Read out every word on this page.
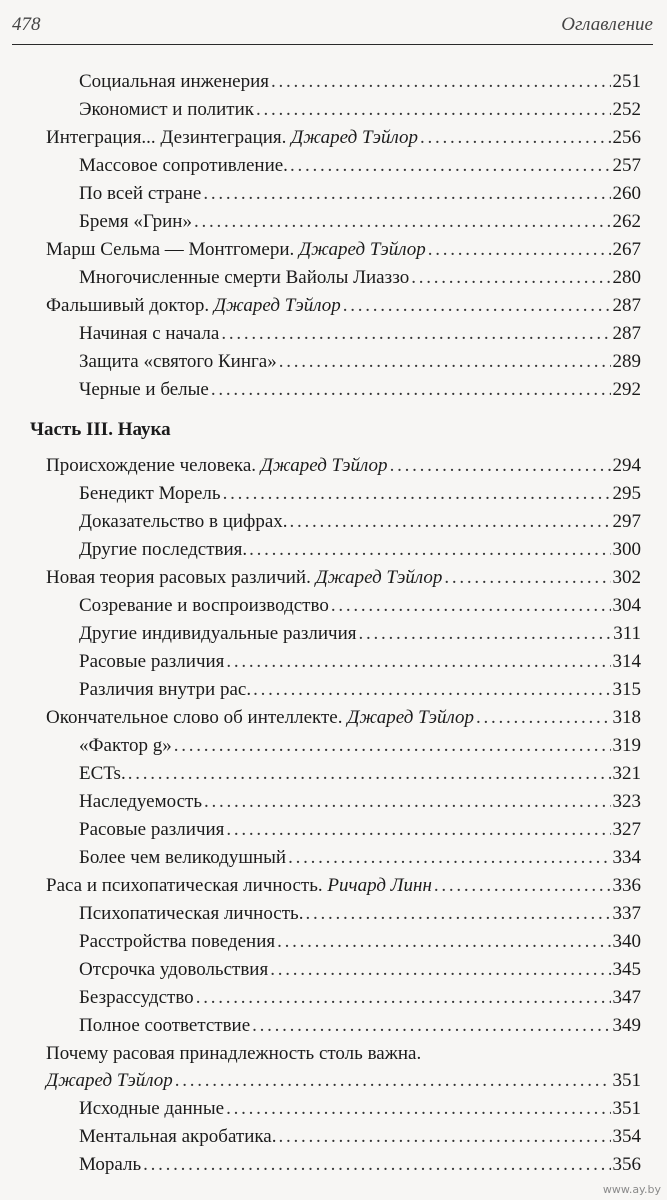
478	Оглавление
Социальная инженерия . . .	251
Экономист и политик . . .	252
Интеграция... Дезинтеграция. Джаред Тэйлор . . .	256
Массовое сопротивление. . . .	257
По всей стране . . .	260
Бремя «Грин» . . .	262
Марш Сельма — Монтгомери. Джаред Тэйлор . . .	267
Многочисленные смерти Вайолы Лиаззо . . .	280
Фальшивый доктор. Джаред Тэйлор . . .	287
Начиная с начала . . .	287
Защита «святого Кинга» . . .	289
Черные и белые . . .	292
Часть III. Наука
Происхождение человека. Джаред Тэйлор . . .	294
Бенедикт Морель . . .	295
Доказательство в цифрах. . . .	297
Другие последствия. . . .	300
Новая теория расовых различий. Джаред Тэйлор . . .	302
Созревание и воспроизводство . . .	304
Другие индивидуальные различия . . .	311
Расовые различия . . .	314
Различия внутри рас. . . .	315
Окончательное слово об интеллекте. Джаред Тэйлор . . .	318
«Фактор g» . . .	319
ECTs. . . .	321
Наследуемость . . .	323
Расовые различия . . .	327
Более чем великодушный . . .	334
Раса и психопатическая личность. Ричард Линн . . .	336
Психопатическая личность. . . .	337
Расстройства поведения . . .	340
Отсрочка удовольствия . . .	345
Безрассудство . . .	347
Полное соответствие . . .	349
Почему расовая принадлежность столь важна.
Джаред Тэйлор . . .	351
Исходные данные . . .	351
Ментальная акробатика. . . .	354
Мораль . . .	356
www.ay.by
